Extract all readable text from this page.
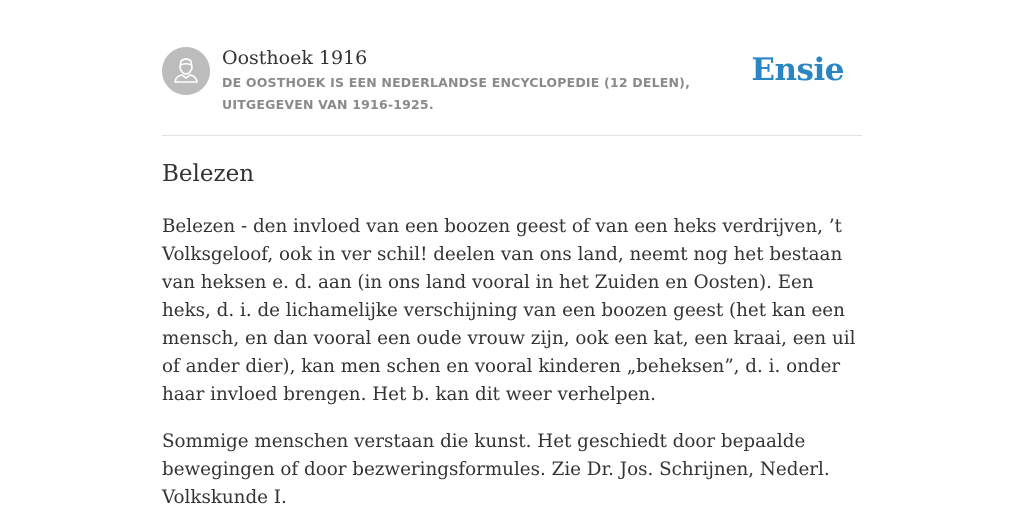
Oosthoek 1916
DE OOSTHOEK IS EEN NEDERLANDSE ENCYCLOPEDIE (12 DELEN), UITGEGEVEN VAN 1916-1925.
Ensie
Belezen

Belezen - den invloed van een boozen geest of van een heks verdrijven, ’t Volksgeloof, ook in ver schil! deelen van ons land, neemt nog het bestaan van heksen e. d. aan (in ons land vooral in het Zuiden en Oosten). Een heks, d. i. de lichamelijke verschijning van een boozen geest (het kan een mensch, en dan vooral een oude vrouw zijn, ook een kat, een kraai, een uil of ander dier), kan men schen en vooral kinderen „beheksen”, d. i. onder haar invloed brengen. Het b. kan dit weer verhelpen.

Sommige menschen verstaan die kunst. Het geschiedt door bepaalde bewegingen of door bezweringsformules. Zie Dr. Jos. Schrijnen, Nederl. Volkskunde I.
